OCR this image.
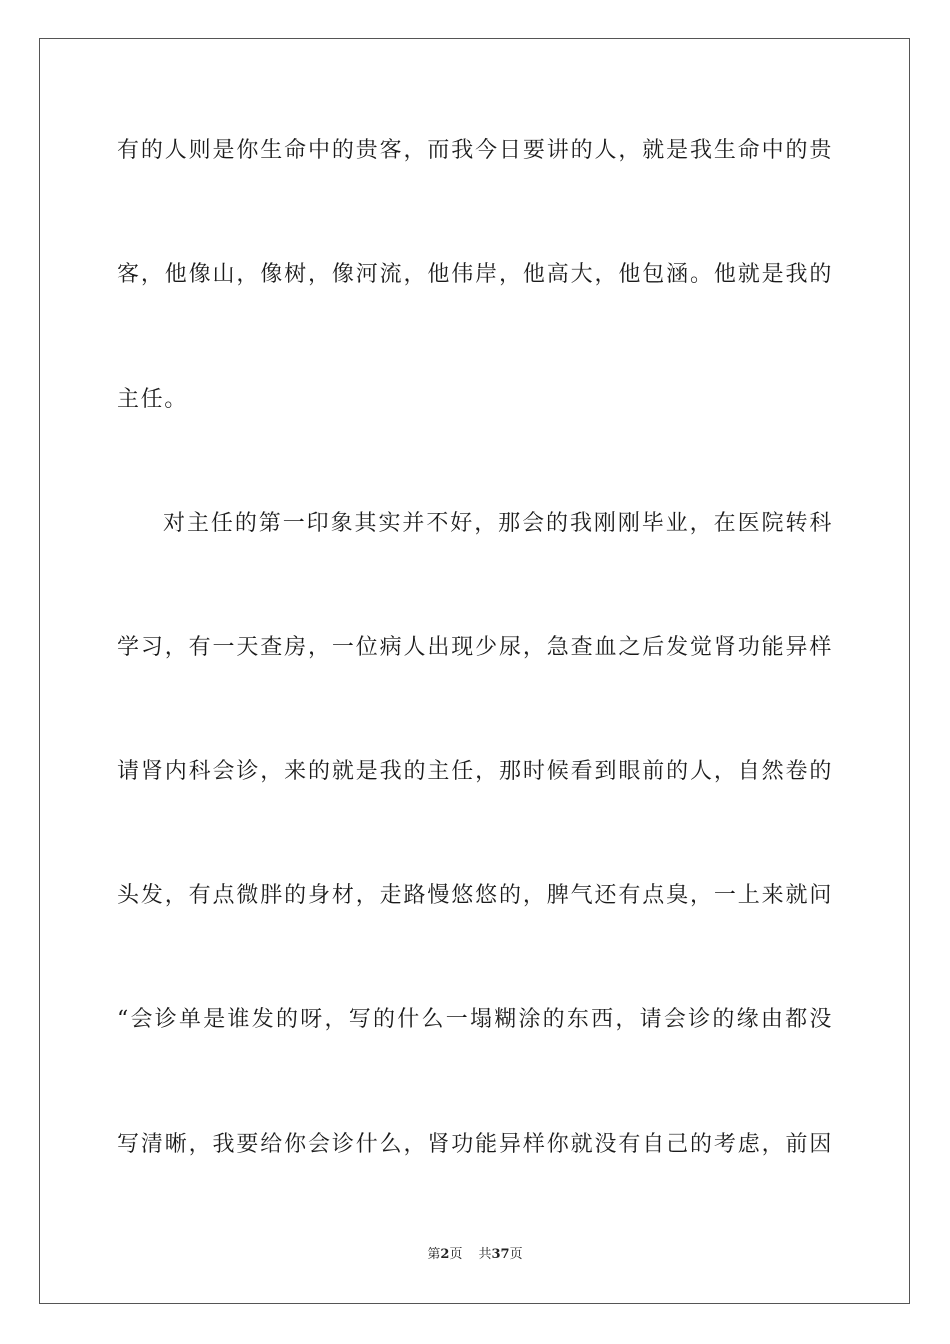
有的人则是你生命中的贵客，而我今日要讲的人，就是我生命中的贵
客，他像山，像树，像河流，他伟岸，他高大，他包涵。他就是我的
主任。
对主任的第一印象其实并不好，那会的我刚刚毕业，在医院转科
学习，有一天查房，一位病人出现少尿，急查血之后发觉肾功能异样
请肾内科会诊，来的就是我的主任，那时候看到眼前的人，自然卷的
头发，有点微胖的身材，走路慢悠悠的，脾气还有点臭，一上来就问
“会诊单是谁发的呀，写的什么一塌糊涂的东西，请会诊的缘由都没
写清晰，我要给你会诊什么，肾功能异样你就没有自己的考虑，前因
第2页 共37页
